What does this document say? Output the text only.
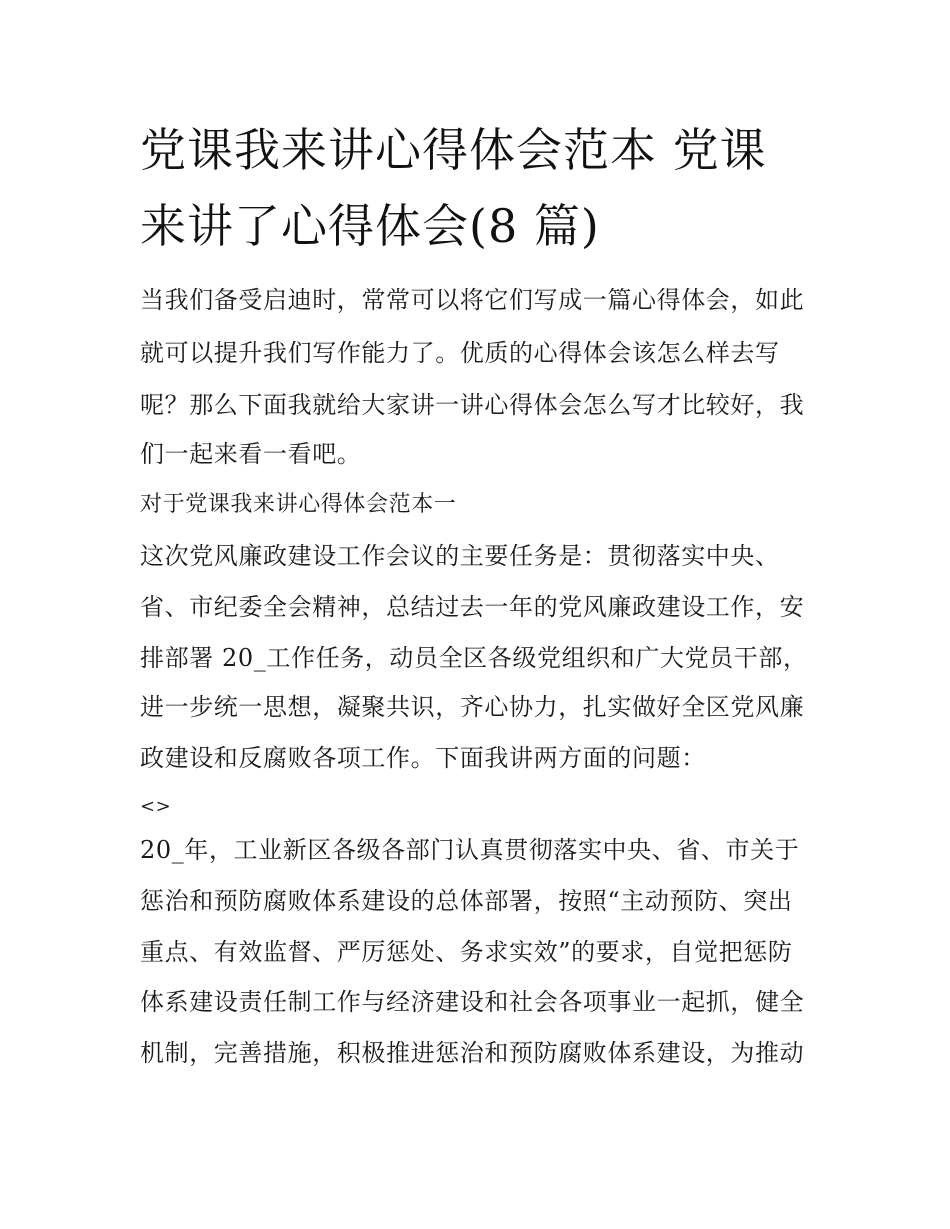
党课我来讲心得体会范本 党课
来讲了心得体会(8 篇)

当我们备受启迪时，常常可以将它们写成一篇心得体会，如此

就可以提升我们写作能力了。优质的心得体会该怎么样去写

呢？那么下面我就给大家讲一讲心得体会怎么写才比较好，我

们一起来看一看吧。

对于党课我来讲心得体会范本一

这次党风廉政建设工作会议的主要任务是：贯彻落实中央、

省、市纪委全会精神，总结过去一年的党风廉政建设工作，安

排部署 20_工作任务，动员全区各级党组织和广大党员干部，

进一步统一思想，凝聚共识，齐心协力，扎实做好全区党风廉

政建设和反腐败各项工作。下面我讲两方面的问题：

<>

20_年，工业新区各级各部门认真贯彻落实中央、省、市关于

惩治和预防腐败体系建设的总体部署，按照“主动预防、突出

重点、有效监督、严厉惩处、务求实效”的要求，自觉把惩防

体系建设责任制工作与经济建设和社会各项事业一起抓，健全

机制，完善措施，积极推进惩治和预防腐败体系建设，为推动
